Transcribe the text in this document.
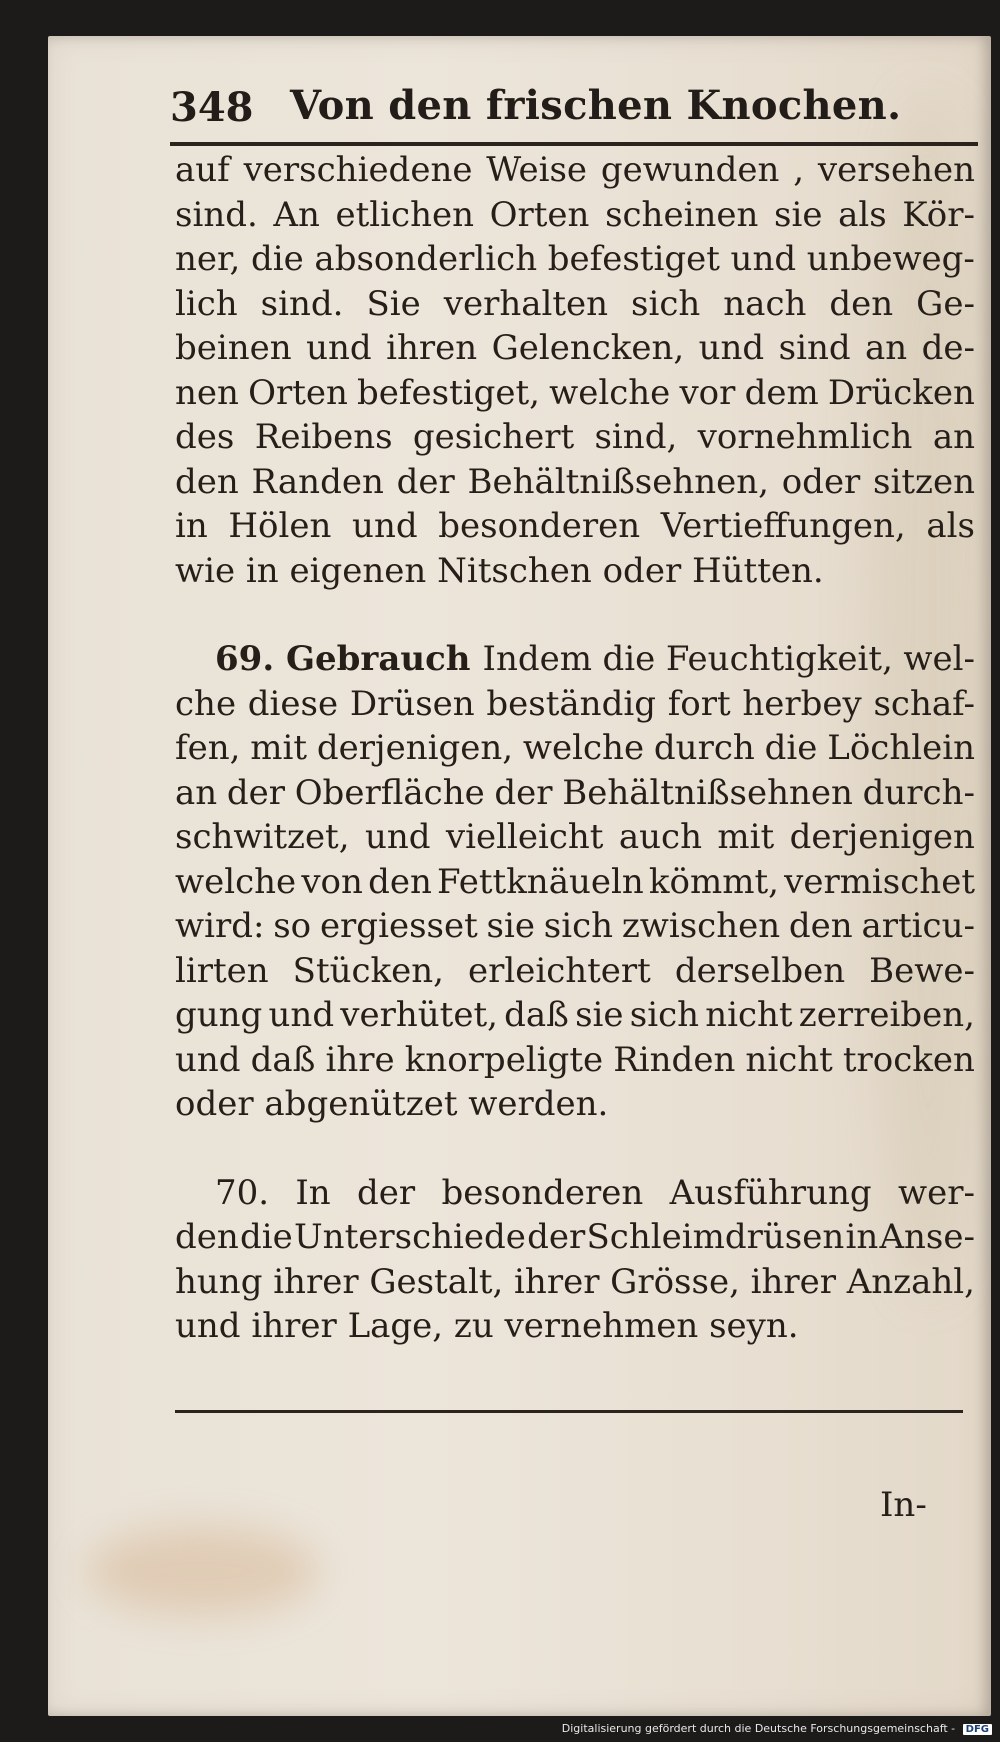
348 Von den frischen Knochen.
auf verschiedene Weise gewunden , versehen
sind. An etlichen Orten scheinen sie als Kör-
ner, die absonderlich befestiget und unbeweg-
lich sind. Sie verhalten sich nach den Ge-
beinen und ihren Gelencken, und sind an de-
nen Orten befestiget, welche vor dem Drücken
des Reibens gesichert sind, vornehmlich an
den Randen der Behältnißsehnen, oder sitzen
in Hölen und besonderen Vertieffungen, als
wie in eigenen Nitschen oder Hütten.
69. Gebrauch Indem die Feuchtigkeit, wel-
che diese Drüsen beständig fort herbey schaf-
fen, mit derjenigen, welche durch die Löchlein
an der Oberfläche der Behältnißsehnen durch-
schwitzet, und vielleicht auch mit derjenigen
welche von den Fettknäueln kömmt, vermischet
wird: so ergiesset sie sich zwischen den articu-
lirten Stücken, erleichtert derselben Bewe-
gung und verhütet, daß sie sich nicht zerreiben,
und daß ihre knorpeligte Rinden nicht trocken
oder abgenützet werden.
70. In der besonderen Ausführung wer-
den die Unterschiede der Schleimdrüsen in Anse-
hung ihrer Gestalt, ihrer Grösse, ihrer Anzahl,
und ihrer Lage, zu vernehmen seyn.
In-
Digitalisierung gefördert durch die Deutsche Forschungsgemeinschaft - DFG
